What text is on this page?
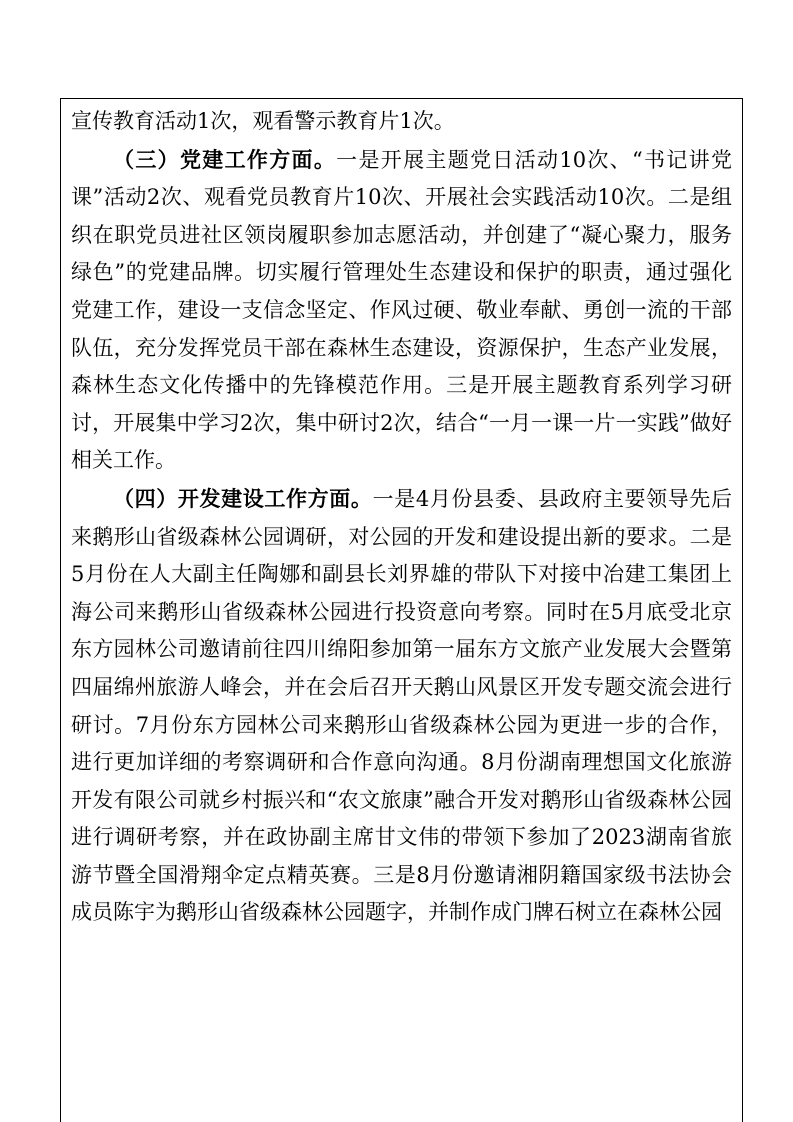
宣传教育活动1次，观看警示教育片1次。

（三）党建工作方面。一是开展主题党日活动10次、“书记讲党课”活动2次、观看党员教育片10次、开展社会实践活动10次。二是组织在职党员进社区领岗履职参加志愿活动，并创建了“凝心聚力，服务绿色”的党建品牌。切实履行管理处生态建设和保护的职责，通过强化党建工作，建设一支信念坚定、作风过硬、敬业奉献、勇创一流的干部队伍，充分发挥党员干部在森林生态建设，资源保护，生态产业发展，森林生态文化传播中的先锋模范作用。三是开展主题教育系列学习研讨，开展集中学习2次，集中研讨2次，结合“一月一课一片一实践”做好相关工作。

（四）开发建设工作方面。一是4月份县委、县政府主要领导先后来鹅形山省级森林公园调研，对公园的开发和建设提出新的要求。二是5月份在人大副主任陶娜和副县长刘界雄的带队下对接中冶建工集团上海公司来鹅形山省级森林公园进行投资意向考察。同时在5月底受北京东方园林公司邀请前往四川绵阳参加第一届东方文旅产业发展大会暨第四届绵州旅游人峰会，并在会后召开天鹅山风景区开发专题交流会进行研讨。7月份东方园林公司来鹅形山省级森林公园为更进一步的合作，进行更加详细的考察调研和合作意向沟通。8月份湖南理想国文化旅游开发有限公司就乡村振兴和“农文旅康”融合开发对鹅形山省级森林公园进行调研考察，并在政协副主席甘文伟的带领下参加了2023湖南省旅游节暨全国滑翔伞定点精英赛。三是8月份邀请湘阴籍国家级书法协会成员陈宇为鹅形山省级森林公园题字，并制作成门牌石树立在森林公园
